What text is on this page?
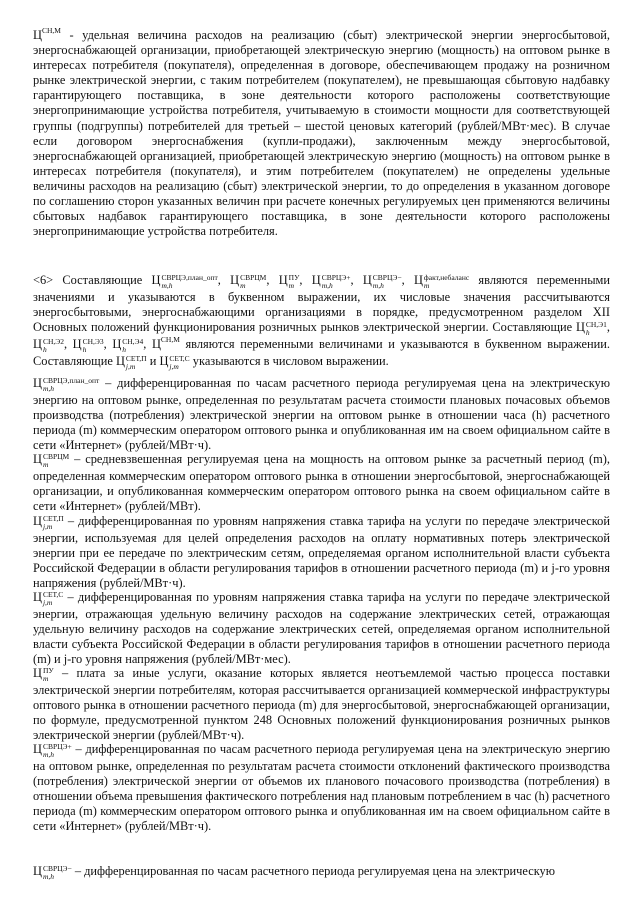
$Ц^{СН,М}$ - удельная величина расходов на реализацию (сбыт) электрической энергии энергосбытовой, энергоснабжающей организации, приобретающей электрическую энергию (мощность) на оптовом рынке в интересах потребителя (покупателя), определенная в договоре, обеспечивающем продажу на розничном рынке электрической энергии, с таким потребителем (покупателем), не превышающая сбытовую надбавку гарантирующего поставщика, в зоне деятельности которого расположены соответствующие энергопринимающие устройства потребителя, учитываемую в стоимости мощности для соответствующей группы (подгруппы) потребителей для третьей – шестой ценовых категорий (рублей/МВт·мес). В случае если договором энергоснабжения (купли-продажи), заключенным между энергосбытовой, энергоснабжающей организацией, приобретающей электрическую энергию (мощность) на оптовом рынке в интересах потребителя (покупателя), и этим потребителем (покупателем) не определены удельные величины расходов на реализацию (сбыт) электрической энергии, то до определения в указанном договоре по соглашению сторон указанных величин при расчете конечных регулируемых цен применяются величины сбытовых надбавок гарантирующего поставщика, в зоне деятельности которого расположены энергопринимающие устройства потребителя.

<6> Составляющие Ц СВРЦЭ,план_опт
m,h	, Ц СВРЦМ
m	, Ц ПУ
m , Ц СВРЦЭ+
m,h	, Ц СВРЦЭ−
m,h	, Ц факт,небаланс
m	являются переменными значениями и указываются в буквенном выражении, их числовые значения рассчитываются энергосбытовыми, энергоснабжающими организациями в порядке, предусмотренном разделом XII Основных положений функционирования розничных рынков электрической энергии. Составляющие Ц СН,Э1
h	, Ц СН,Э2
h	, Ц СН,Э3
h	, Ц СН,Э4
h	, $Ц^{СН,М}$ являются переменными величинами и указываются в буквенном выражении. Составляющие Ц СЕТ,П
j,m и Ц СЕТ,С
j,m указываются в числовом выражении.

Ц СВРЦЭ,план_опт
m,h	– дифференцированная по часам расчетного периода регулируемая цена на электрическую энергию на оптовом рынке, определенная по результатам расчета стоимости плановых почасовых объемов производства (потребления) электрической энергии на оптовом рынке в отношении часа (h) расчетного периода (m) коммерческим оператором оптового рынка и опубликованная им на своем официальном сайте в сети «Интернет» (рублей/МВт·ч).

Ц СВРЦМ
m	– средневзвешенная регулируемая цена на мощность на оптовом рынке за расчетный период (m), определенная коммерческим оператором оптового рынка в отношении энергосбытовой, энергоснабжающей организации, и опубликованная коммерческим оператором оптового рынка на своем официальном сайте в сети «Интернет» (рублей/МВт).

Ц СЕТ,П
j,m – дифференцированная по уровням напряжения ставка тарифа на услуги по передаче электрической энергии, используемая для целей определения расходов на оплату нормативных потерь электрической энергии при ее передаче по электрическим сетям, определяемая органом исполнительной власти субъекта Российской Федерации в области регулирования тарифов в отношении расчетного периода (m) и j-го уровня напряжения (рублей/МВт·ч).

Ц СЕТ,С
j,m – дифференцированная по уровням напряжения ставка тарифа на услуги по передаче электрической энергии, отражающая удельную величину расходов на содержание электрических сетей, отражающая удельную величину расходов на содержание электрических сетей, определяемая органом исполнительной власти субъекта Российской Федерации в области регулирования тарифов в отношении расчетного периода (m) и j-го уровня напряжения (рублей/МВт·мес).

Ц ПУ
m – плата за иные услуги, оказание которых является неотъемлемой частью процесса поставки электрической энергии потребителям, которая рассчитывается организацией коммерческой инфраструктуры оптового рынка в отношении расчетного периода (m) для энергосбытовой, энергоснабжающей организации, по формуле, предусмотренной пунктом 248 Основных положений функционирования розничных рынков электрической энергии (рублей/МВт·ч).

Ц СВРЦЭ+
m,h	– дифференцированная по часам расчетного периода регулируемая цена на электрическую энергию на оптовом рынке, определенная по результатам расчета стоимости отклонений фактического производства (потребления) электрической энергии от объемов их планового почасового производства (потребления) в отношении объема превышения фактического потребления над плановым потреблением в час (h) расчетного периода (m) коммерческим оператором оптового рынка и опубликованная им на своем официальном сайте в сети «Интернет» (рублей/МВт·ч).

Ц СВРЦЭ−
m,h	– дифференцированная по часам расчетного периода регулируемая цена на электрическую
